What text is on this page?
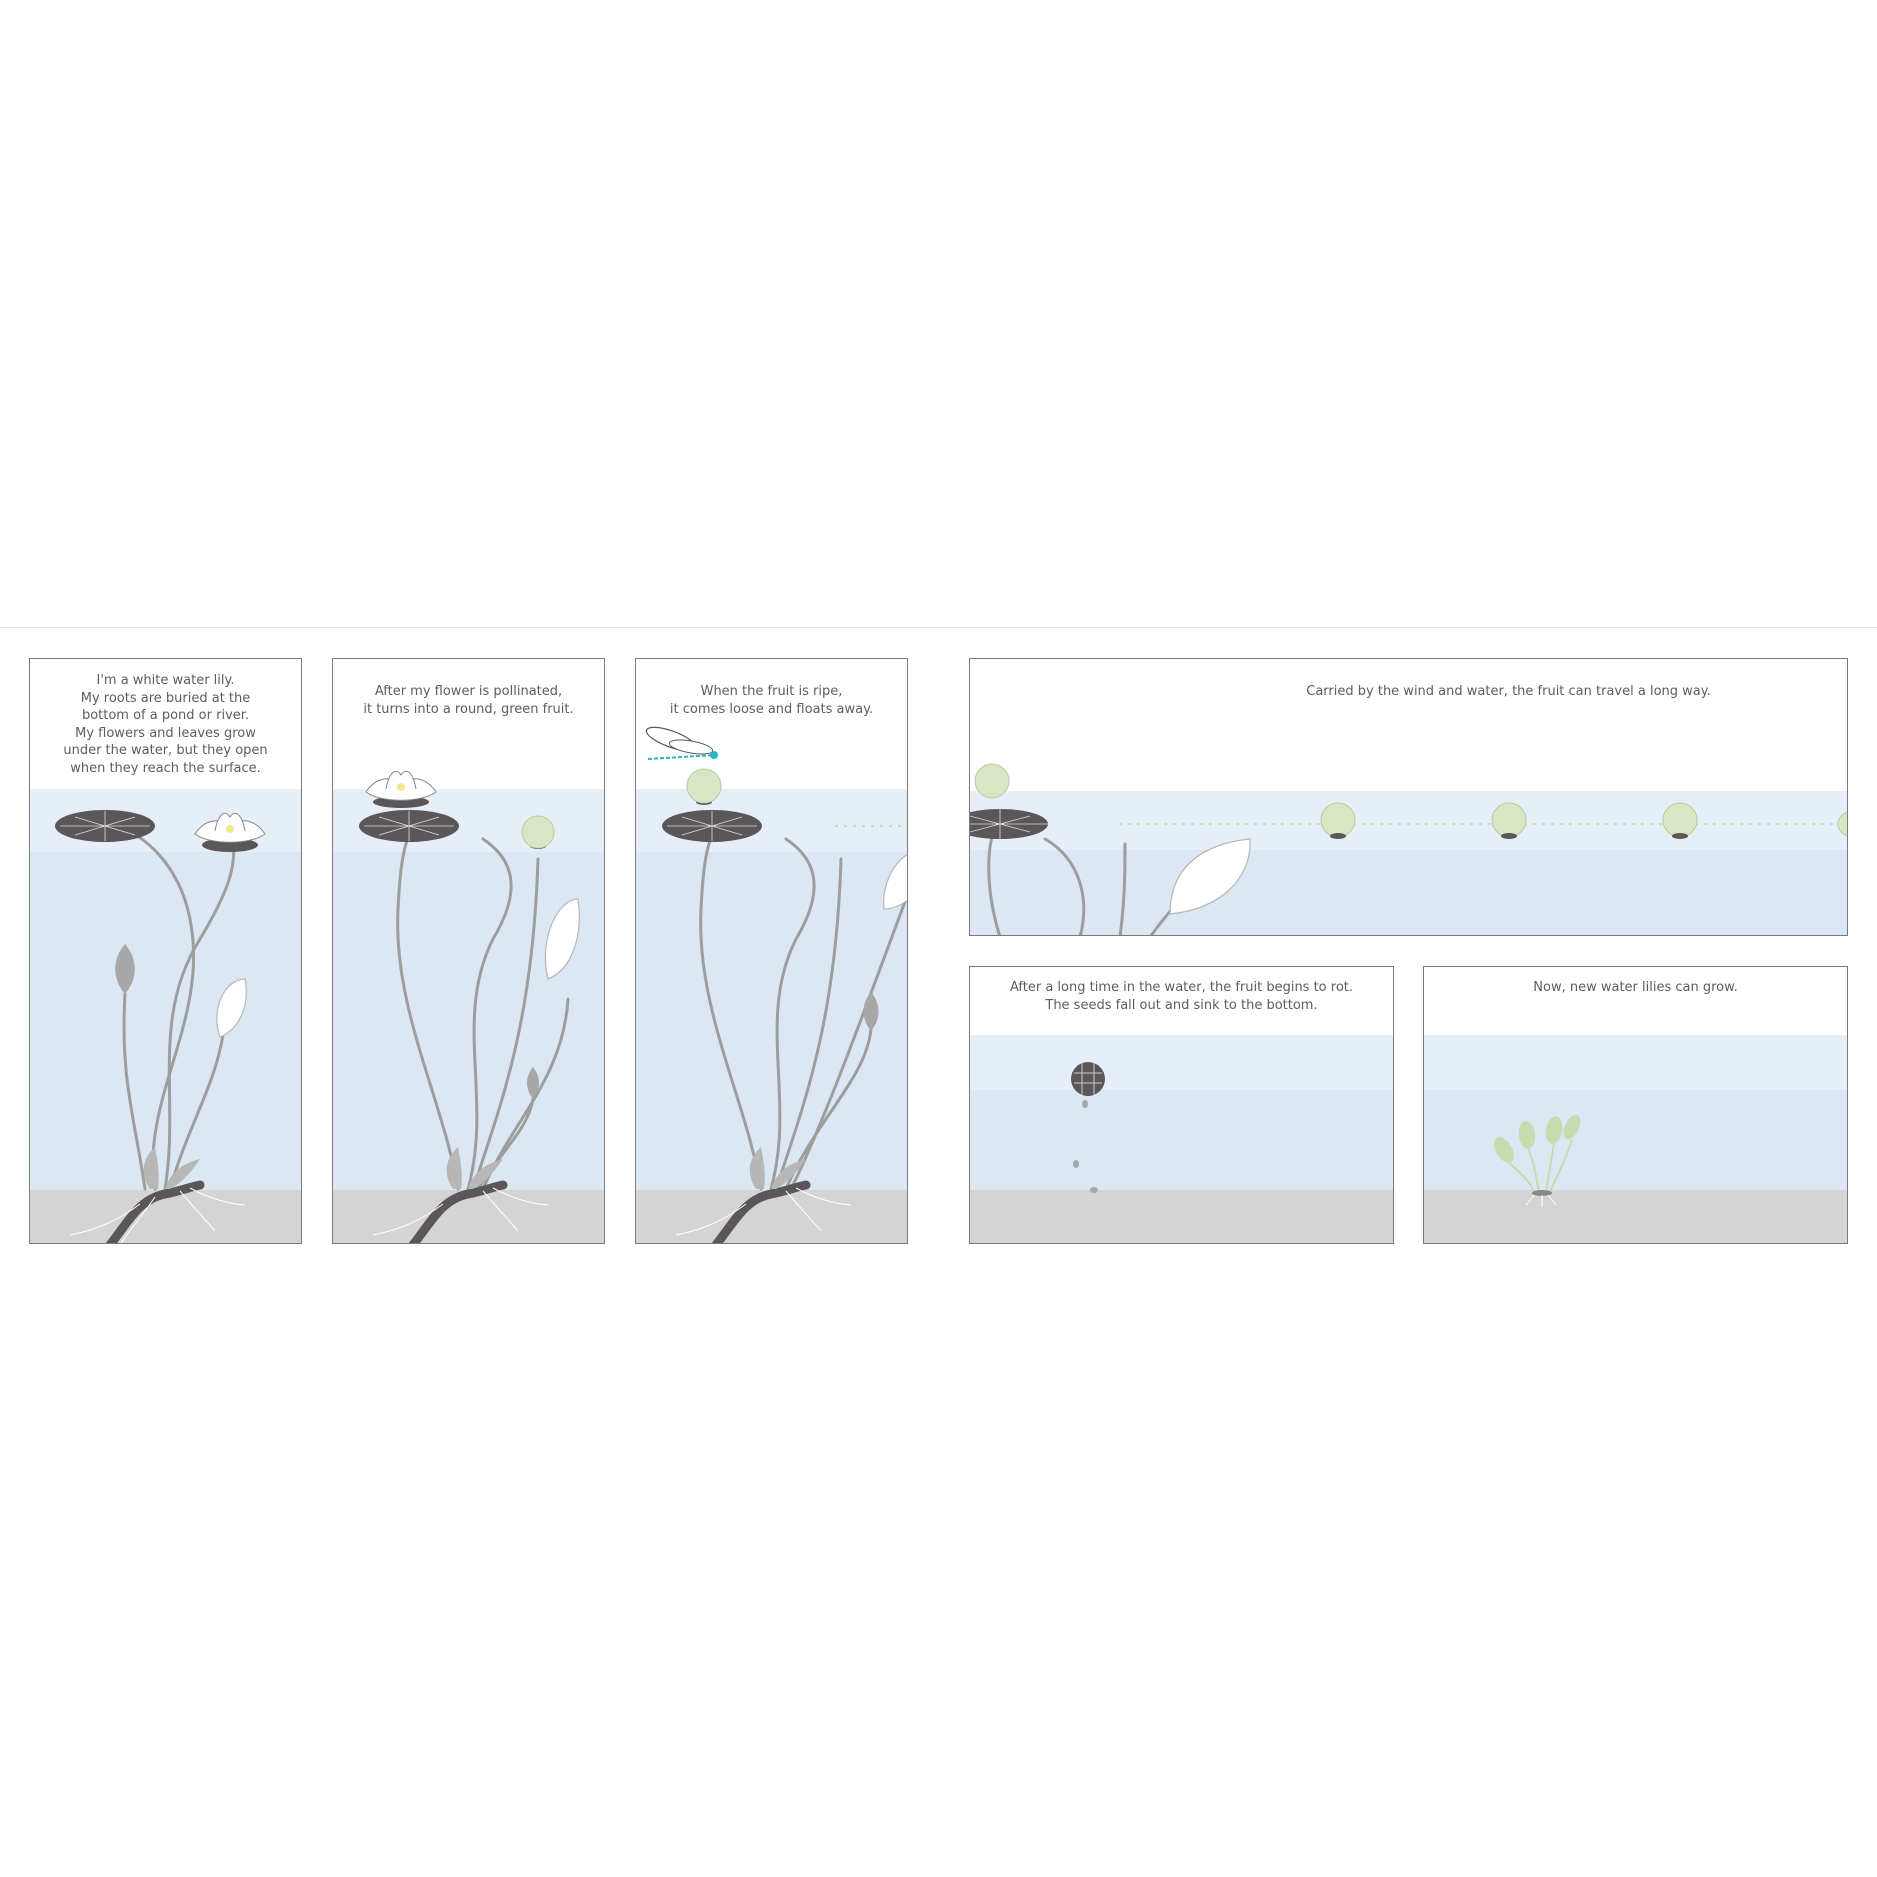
I'm a white water lily.
My roots are buried at the
bottom of a pond or river.
My flowers and leaves grow
under the water, but they open
when they reach the surface.
After my flower is pollinated,
it turns into a round, green fruit.
When the fruit is ripe,
it comes loose and floats away.
Carried by the wind and water, the fruit can travel a long way.
After a long time in the water, the fruit begins to rot.
The seeds fall out and sink to the bottom.
Now, new water lilies can grow.
